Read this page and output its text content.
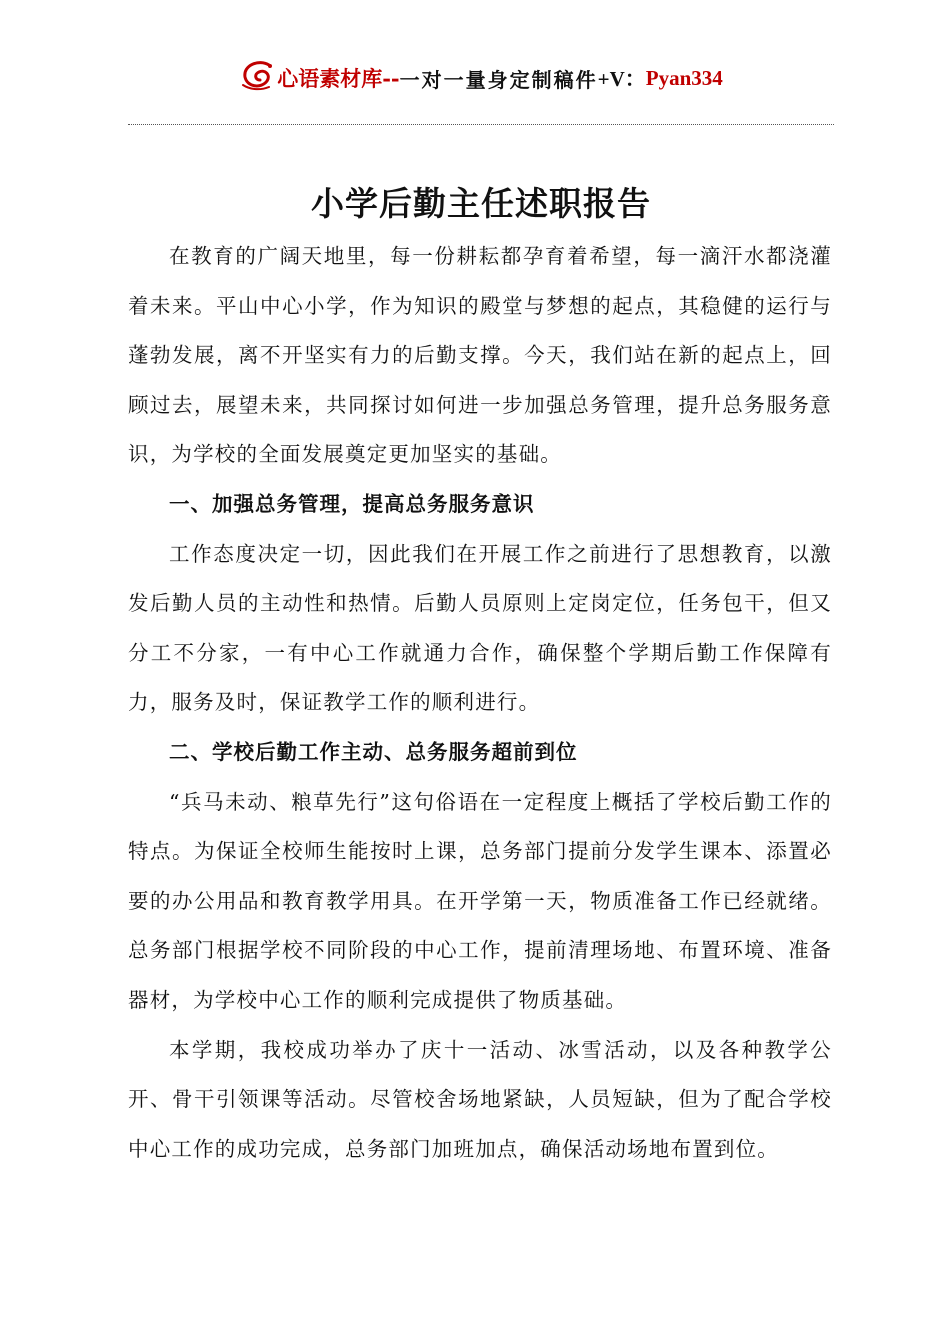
心语素材库 -- 一对一量身定制稿件 +V： Pyan334
小学后勤主任述职报告

在教育的广阔天地里，每一份耕耘都孕育着希望，每一滴汗水都浇灌着未来。平山中心小学，作为知识的殿堂与梦想的起点，其稳健的运行与蓬勃发展，离不开坚实有力的后勤支撑。今天，我们站在新的起点上，回顾过去，展望未来，共同探讨如何进一步加强总务管理，提升总务服务意识，为学校的全面发展奠定更加坚实的基础。

一、加强总务管理，提高总务服务意识

工作态度决定一切，因此我们在开展工作之前进行了思想教育，以激发后勤人员的主动性和热情。后勤人员原则上定岗定位，任务包干，但又分工不分家，一有中心工作就通力合作，确保整个学期后勤工作保障有力，服务及时，保证教学工作的顺利进行。

二、学校后勤工作主动、总务服务超前到位

“兵马未动、粮草先行”这句俗语在一定程度上概括了学校后勤工作的特点。为保证全校师生能按时上课，总务部门提前分发学生课本、添置必要的办公用品和教育教学用具。在开学第一天，物质准备工作已经就绪。总务部门根据学校不同阶段的中心工作，提前清理场地、布置环境、准备器材，为学校中心工作的顺利完成提供了物质基础。

本学期，我校成功举办了庆十一活动、冰雪活动，以及各种教学公开、骨干引领课等活动。尽管校舍场地紧缺，人员短缺，但为了配合学校中心工作的成功完成，总务部门加班加点，确保活动场地布置到位。
